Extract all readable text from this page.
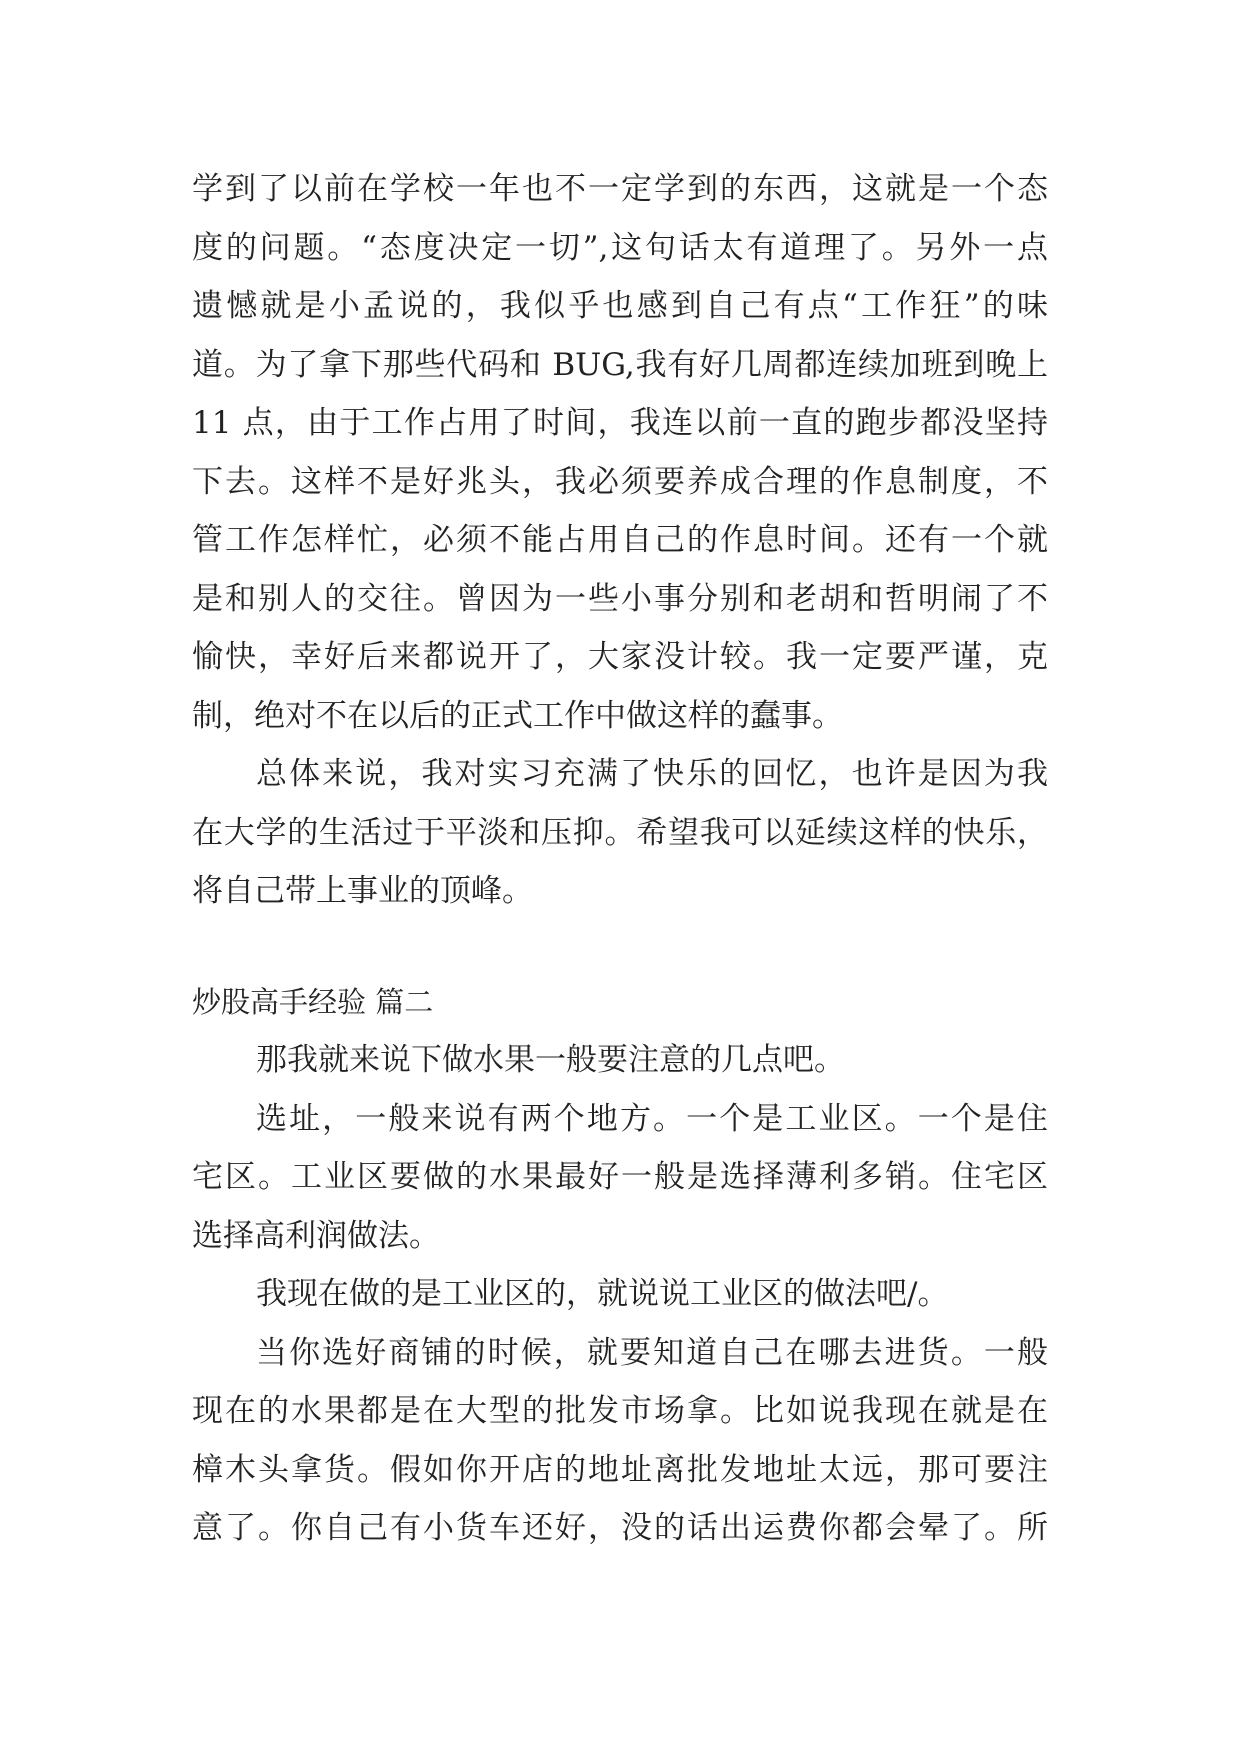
学到了以前在学校一年也不一定学到的东西，这就是一个态
度的问题。“态度决定一切”,这句话太有道理了。另外一点
遗憾就是小孟说的，我似乎也感到自己有点“工作狂”的味
道。为了拿下那些代码和 BUG,我有好几周都连续加班到晚上
11 点，由于工作占用了时间，我连以前一直的跑步都没坚持
下去。这样不是好兆头，我必须要养成合理的作息制度，不
管工作怎样忙，必须不能占用自己的作息时间。还有一个就
是和别人的交往。曾因为一些小事分别和老胡和哲明闹了不
愉快，幸好后来都说开了，大家没计较。我一定要严谨，克
制，绝对不在以后的正式工作中做这样的蠢事。
总体来说，我对实习充满了快乐的回忆，也许是因为我
在大学的生活过于平淡和压抑。希望我可以延续这样的快乐，
将自己带上事业的顶峰。
炒股高手经验 篇二
那我就来说下做水果一般要注意的几点吧。
选址，一般来说有两个地方。一个是工业区。一个是住
宅区。工业区要做的水果最好一般是选择薄利多销。住宅区
选择高利润做法。
我现在做的是工业区的，就说说工业区的做法吧/。
当你选好商铺的时候，就要知道自己在哪去进货。一般
现在的水果都是在大型的批发市场拿。比如说我现在就是在
樟木头拿货。假如你开店的地址离批发地址太远，那可要注
意了。你自己有小货车还好，没的话出运费你都会晕了。所
